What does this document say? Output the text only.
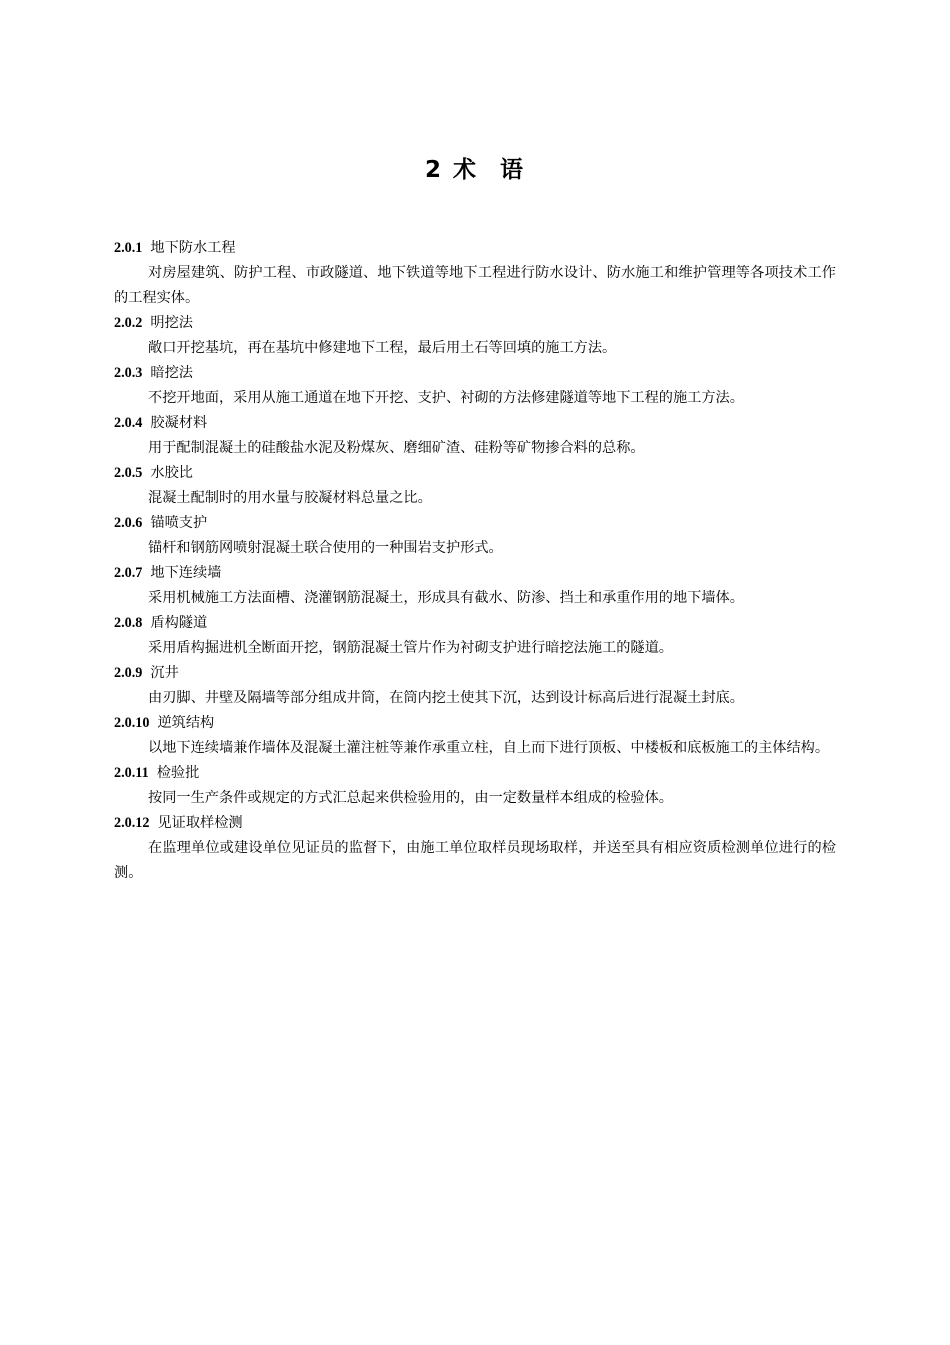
2 术 语
2.0.1 地下防水工程

对房屋建筑、防护工程、市政隧道、地下铁道等地下工程进行防水设计、防水施工和维护管理等各项技术工作的工程实体。

2.0.2 明挖法

敞口开挖基坑，再在基坑中修建地下工程，最后用土石等回填的施工方法。

2.0.3 暗挖法

不挖开地面，采用从施工通道在地下开挖、支护、衬砌的方法修建隧道等地下工程的施工方法。

2.0.4 胶凝材料

用于配制混凝土的硅酸盐水泥及粉煤灰、磨细矿渣、硅粉等矿物掺合料的总称。

2.0.5 水胶比

混凝土配制时的用水量与胶凝材料总量之比。

2.0.6 锚喷支护

锚杆和钢筋网喷射混凝土联合使用的一种围岩支护形式。

2.0.7 地下连续墙

采用机械施工方法面槽、浇灌钢筋混凝土，形成具有截水、防渗、挡土和承重作用的地下墙体。

2.0.8 盾构隧道

采用盾构掘进机全断面开挖，钢筋混凝土管片作为衬砌支护进行暗挖法施工的隧道。

2.0.9 沉井

由刃脚、井壁及隔墙等部分组成井筒，在筒内挖土使其下沉，达到设计标高后进行混凝土封底。

2.0.10 逆筑结构

以地下连续墙兼作墙体及混凝土灌注桩等兼作承重立柱，自上而下进行顶板、中楼板和底板施工的主体结构。

2.0.11 检验批

按同一生产条件或规定的方式汇总起来供检验用的，由一定数量样本组成的检验体。

2.0.12 见证取样检测

在监理单位或建设单位见证员的监督下，由施工单位取样员现场取样，并送至具有相应资质检测单位进行的检测。
